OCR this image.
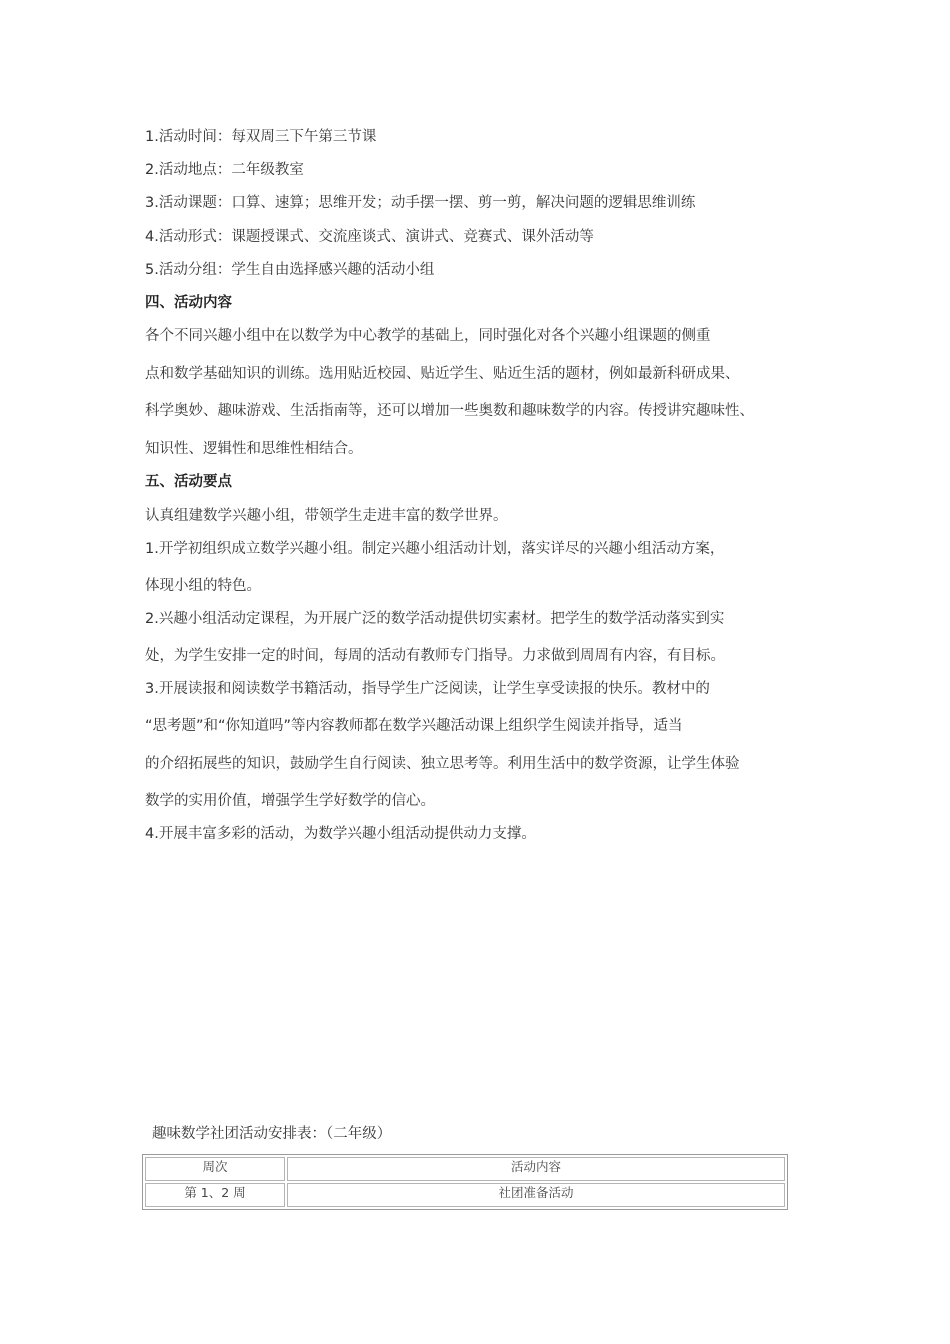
1.活动时间：每双周三下午第三节课
2.活动地点：二年级教室
3.活动课题：口算、速算；思维开发；动手摆一摆、剪一剪，解决问题的逻辑思维训练
4.活动形式：课题授课式、交流座谈式、演讲式、竞赛式、课外活动等
5.活动分组：学生自由选择感兴趣的活动小组
四、活动内容
各个不同兴趣小组中在以数学为中心教学的基础上，同时强化对各个兴趣小组课题的侧重
点和数学基础知识的训练。选用贴近校园、贴近学生、贴近生活的题材，例如最新科研成果、
科学奥妙、趣味游戏、生活指南等，还可以增加一些奥数和趣味数学的内容。传授讲究趣味性、
知识性、逻辑性和思维性相结合。
五、活动要点
认真组建数学兴趣小组，带领学生走进丰富的数学世界。
1.开学初组织成立数学兴趣小组。制定兴趣小组活动计划，落实详尽的兴趣小组活动方案，
体现小组的特色。
2.兴趣小组活动定课程，为开展广泛的数学活动提供切实素材。把学生的数学活动落实到实
处，为学生安排一定的时间，每周的活动有教师专门指导。力求做到周周有内容，有目标。
3.开展读报和阅读数学书籍活动，指导学生广泛阅读，让学生享受读报的快乐。教材中的
“思考题”和“你知道吗”等内容教师都在数学兴趣活动课上组织学生阅读并指导，适当
的介绍拓展些的知识，鼓励学生自行阅读、独立思考等。利用生活中的数学资源，让学生体验
数学的实用价值，增强学生学好数学的信心。
4.开展丰富多彩的活动，为数学兴趣小组活动提供动力支撑。
趣味数学社团活动安排表：（二年级）
周次	活动内容
第 1、2 周	社团准备活动
